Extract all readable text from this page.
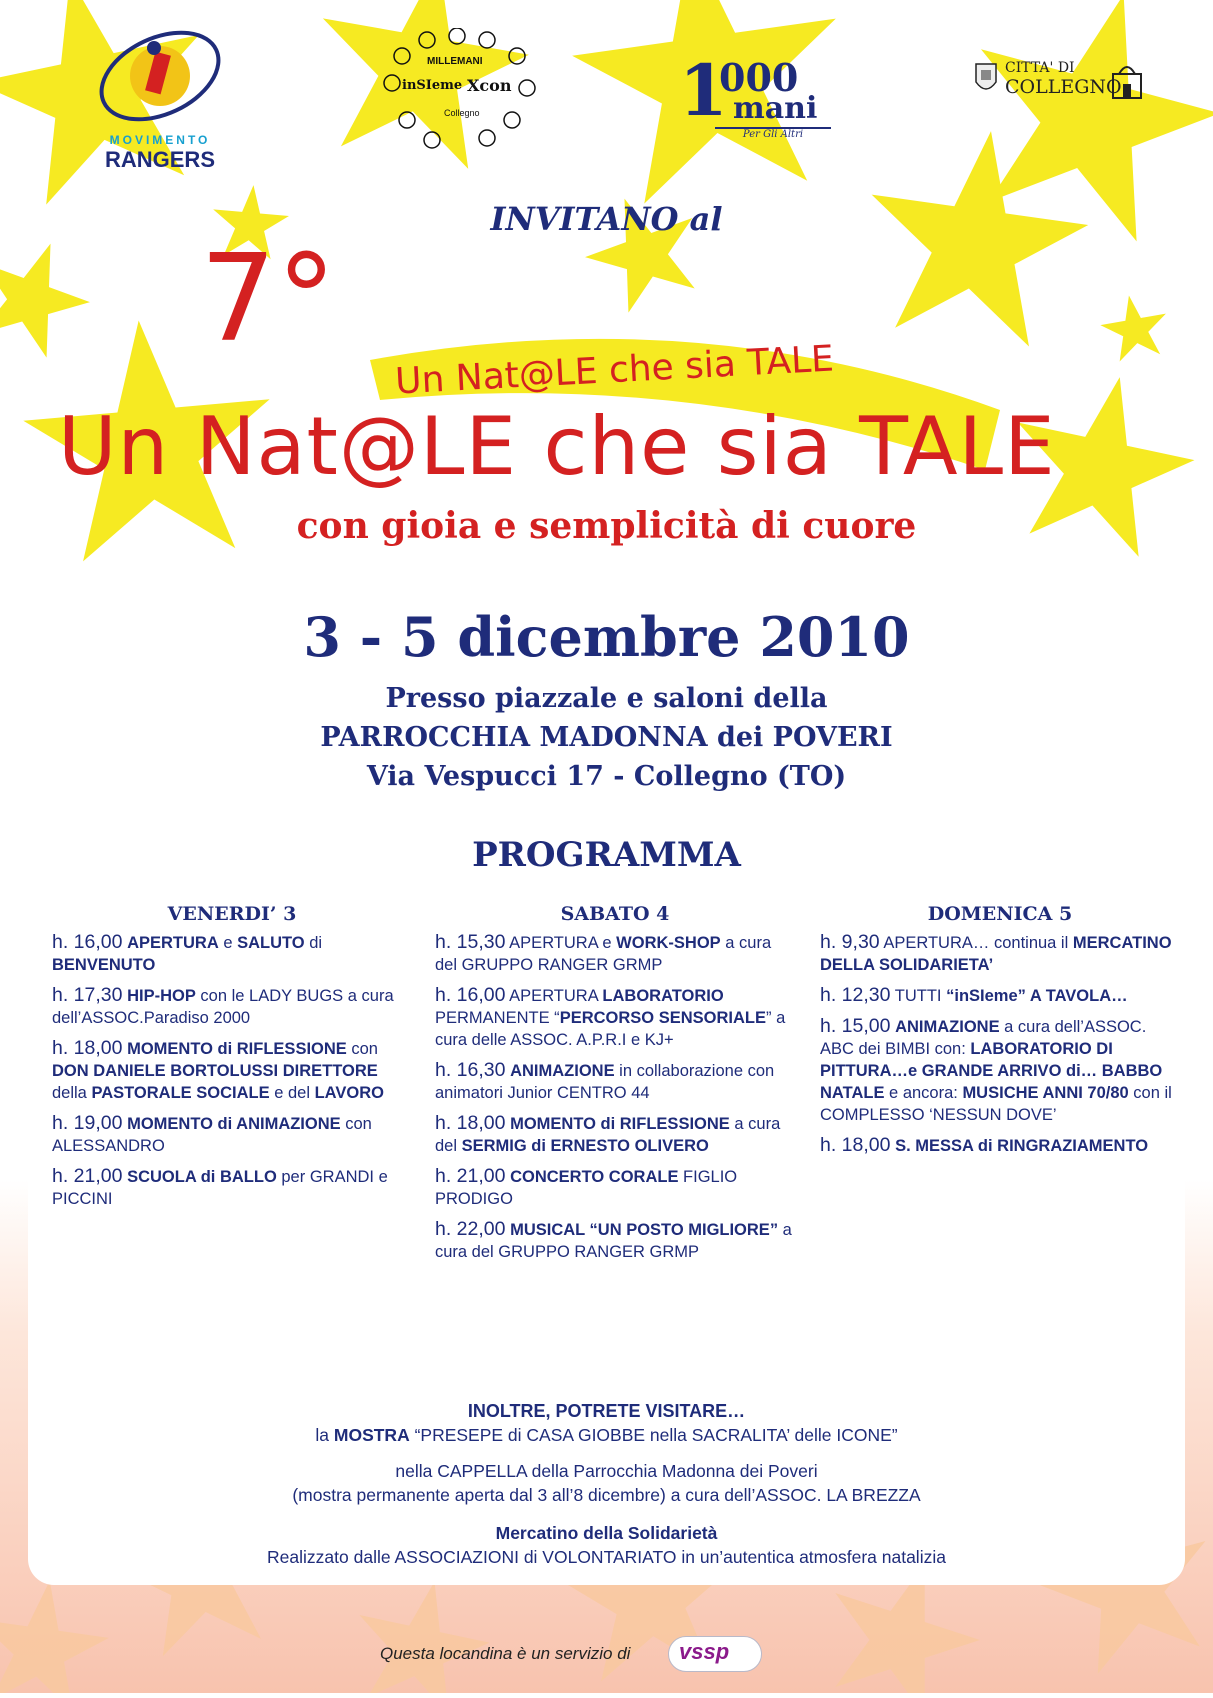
MOVIMENTO
RANGERS
MILLEMANI
inSIeme Xcon
Collegno	1
000
mani
Per Gli Altri
CITTA' DI
COLLEGNO
INVITANO al
7°
Un Nat@LE che sia TALE
Un Nat@LE che sia TALE
con gioia e semplicità di cuore
3 - 5 dicembre 2010
Presso piazzale e saloni della
PARROCCHIA MADONNA dei POVERI
Via Vespucci 17 - Collegno (TO)
PROGRAMMA
VENERDI’ 3
h. 16,00 APERTURA e SALUTO di BENVENUTO
h. 17,30 HIP-HOP con le LADY BUGS a cura dell’ASSOC.Paradiso 2000
h. 18,00 MOMENTO di RIFLESSIONE con DON DANIELE BORTOLUSSI DIRETTORE della PASTORALE SOCIALE e del LAVORO
h. 19,00 MOMENTO di ANIMAZIONE con ALESSANDRO
h. 21,00 SCUOLA di BALLO per GRANDI e PICCINI
SABATO 4
h. 15,30 APERTURA e WORK-SHOP a cura del GRUPPO RANGER GRMP
h. 16,00 APERTURA LABORATORIO PERMANENTE “PERCORSO SENSORIALE” a cura delle ASSOC. A.P.R.I e KJ+
h. 16,30 ANIMAZIONE in collaborazione con animatori Junior CENTRO 44
h. 18,00 MOMENTO di RIFLESSIONE a cura del SERMIG di ERNESTO OLIVERO
h. 21,00 CONCERTO CORALE FIGLIO PRODIGO
h. 22,00 MUSICAL “UN POSTO MIGLIORE” a cura del GRUPPO RANGER GRMP
DOMENICA 5
h. 9,30 APERTURA… continua il MERCATINO DELLA SOLIDARIETA’
h. 12,30 TUTTI “inSIeme” A TAVOLA…
h. 15,00 ANIMAZIONE a cura dell’ASSOC. ABC dei BIMBI con: LABORATORIO DI PITTURA…e GRANDE ARRIVO di… BABBO NATALE e ancora: MUSICHE ANNI 70/80 con il COMPLESSO ‘NESSUN DOVE’
h. 18,00 S. MESSA di RINGRAZIAMENTO
INOLTRE, POTRETE VISITARE…
la MOSTRA “PRESEPE di CASA GIOBBE nella SACRALITA’ delle ICONE”
nella CAPPELLA della Parrocchia Madonna dei Poveri
(mostra permanente aperta dal 3 all’8 dicembre) a cura dell’ASSOC. LA BREZZA
Mercatino della Solidarietà
Realizzato dalle ASSOCIAZIONI di VOLONTARIATO in un’autentica atmosfera natalizia
Questa locandina è un servizio di vssp
